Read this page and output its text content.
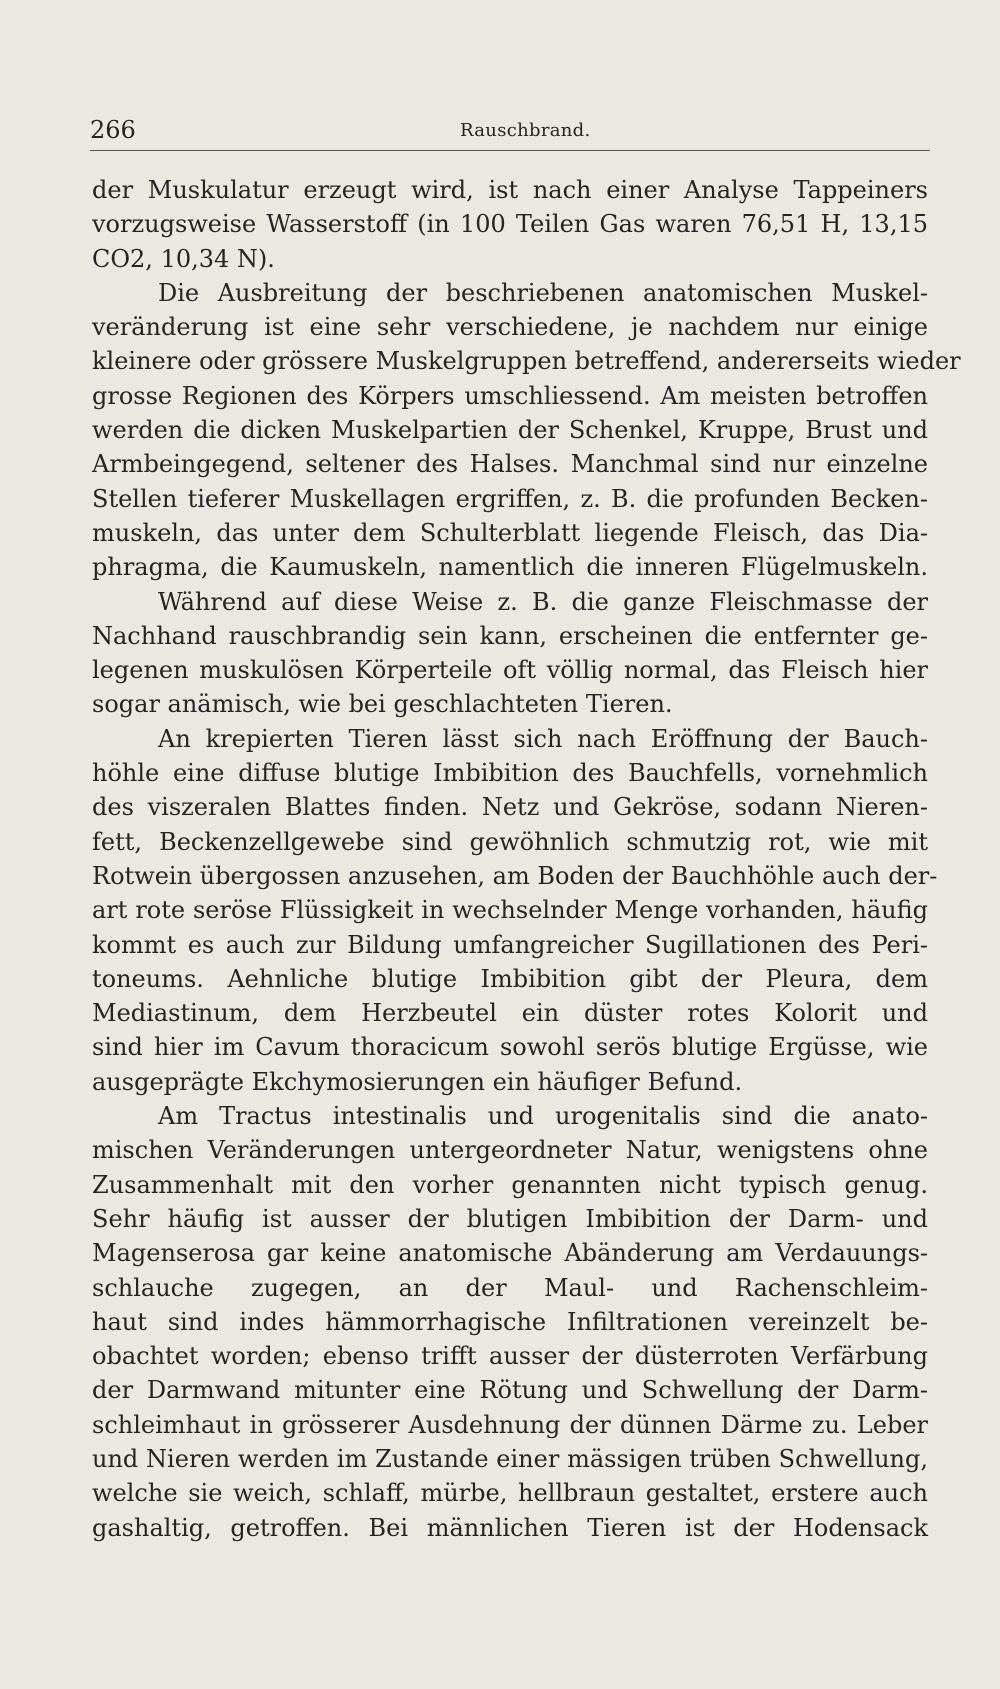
266	Rauschbrand.
der Muskulatur erzeugt wird, ist nach einer Analyse Tappeiners
vorzugsweise Wasserstoff (in 100 Teilen Gas waren 76,51 H, 13,15
CO2, 10,34 N).
Die Ausbreitung der beschriebenen anatomischen Muskel-
veränderung ist eine sehr verschiedene, je nachdem nur einige
kleinere oder grössere Muskelgruppen betreffend, andererseits wieder
grosse Regionen des Körpers umschliessend. Am meisten betroffen
werden die dicken Muskelpartien der Schenkel, Kruppe, Brust und
Armbeingegend, seltener des Halses. Manchmal sind nur einzelne
Stellen tieferer Muskellagen ergriffen, z. B. die profunden Becken-
muskeln, das unter dem Schulterblatt liegende Fleisch, das Dia-
phragma, die Kaumuskeln, namentlich die inneren Flügelmuskeln.
Während auf diese Weise z. B. die ganze Fleischmasse der
Nachhand rauschbrandig sein kann, erscheinen die entfernter ge-
legenen muskulösen Körperteile oft völlig normal, das Fleisch hier
sogar anämisch, wie bei geschlachteten Tieren.
An krepierten Tieren lässt sich nach Eröffnung der Bauch-
höhle eine diffuse blutige Imbibition des Bauchfells, vornehmlich
des viszeralen Blattes finden. Netz und Gekröse, sodann Nieren-
fett, Beckenzellgewebe sind gewöhnlich schmutzig rot, wie mit
Rotwein übergossen anzusehen, am Boden der Bauchhöhle auch der-
art rote seröse Flüssigkeit in wechselnder Menge vorhanden, häufig
kommt es auch zur Bildung umfangreicher Sugillationen des Peri-
toneums. Aehnliche blutige Imbibition gibt der Pleura, dem
Mediastinum, dem Herzbeutel ein düster rotes Kolorit und
sind hier im Cavum thoracicum sowohl serös blutige Ergüsse, wie
ausgeprägte Ekchymosierungen ein häufiger Befund.
Am Tractus intestinalis und urogenitalis sind die anato-
mischen Veränderungen untergeordneter Natur, wenigstens ohne
Zusammenhalt mit den vorher genannten nicht typisch genug.
Sehr häufig ist ausser der blutigen Imbibition der Darm- und
Magenserosa gar keine anatomische Abänderung am Verdauungs-
schlauche zugegen, an der Maul- und Rachenschleim-
haut sind indes hämmorrhagische Infiltrationen vereinzelt be-
obachtet worden; ebenso trifft ausser der düsterroten Verfärbung
der Darmwand mitunter eine Rötung und Schwellung der Darm-
schleimhaut in grösserer Ausdehnung der dünnen Därme zu. Leber
und Nieren werden im Zustande einer mässigen trüben Schwellung,
welche sie weich, schlaff, mürbe, hellbraun gestaltet, erstere auch
gashaltig, getroffen. Bei männlichen Tieren ist der Hodensack
